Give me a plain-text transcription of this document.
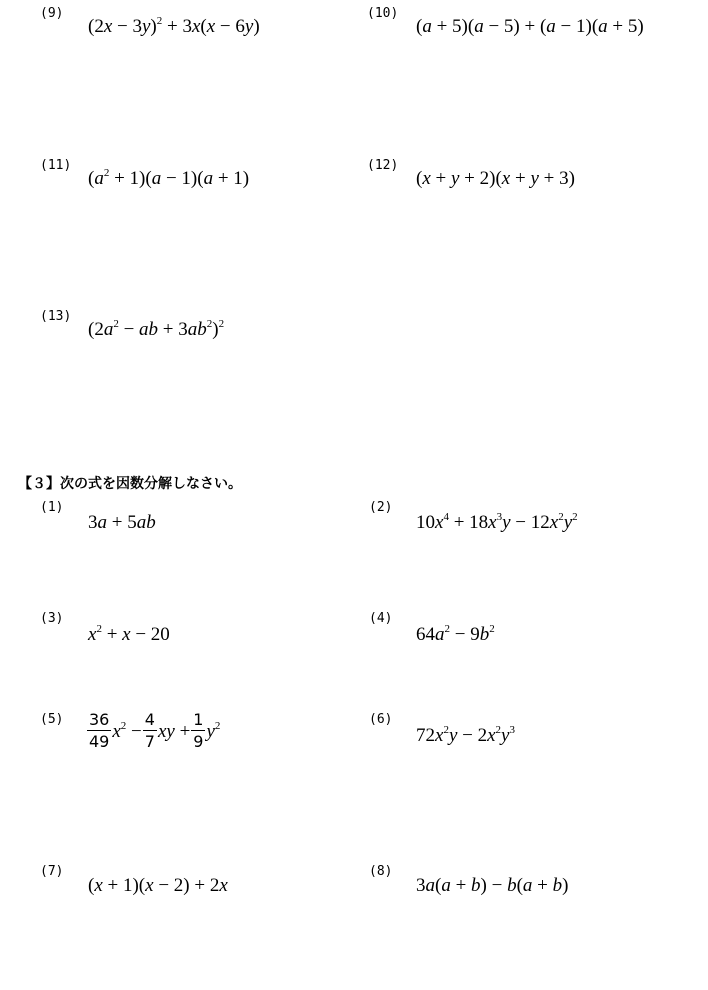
(9)
$(2x - 3y)^2 + 3x(x - 6y)$
(10)
(a + 5)(a − 5) + (a − 1)(a + 5)
(11)
$(a^2 + 1)(a - 1)(a + 1)$
(12)
(x + y + 2)(x + y + 3)
(13)
($2a^2$ − ab + $3ab^2)^2$
【３】次の式を因数分解しなさい。
(1)
3a + 5ab
(2)
$10x^4 + 18x^3y - 12x^2y^2$
(3)
$x^2 + x - 20$
(4)
$64a^2 - 9b^2$
$(5) \frac{36}{49} x^2 - \frac{4}{7}$ xy + $\frac{1}{9} y^2$	(6)
$72x^2y - 2x^2y^3$
(7)
(x + 1)(x − 2) + 2x
(8)
3a(a + b) − b(a + b)
